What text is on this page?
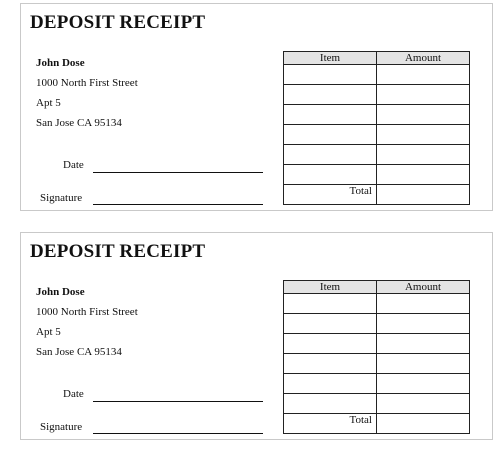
DEPOSIT RECEIPT
John Dose
1000 North First Street
Apt 5
San Jose CA 95134
Date
Signature
Item	Amount

Total	
DEPOSIT RECEIPT
John Dose
1000 North First Street
Apt 5
San Jose CA 95134
Date
Signature
Item	Amount

Total	
